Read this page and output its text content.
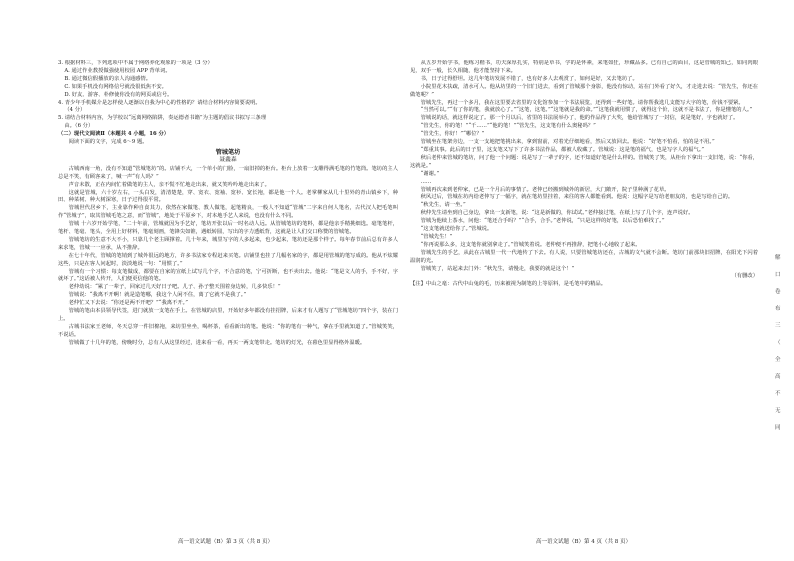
3. 根据材料三，下列选项中不属于网络养化观象的一项是（3 分）

A. 通过作业教授做强使用校园 APP 背单词。

B. 通过微信假播放的亲人沟通感情。

C. 如果手机没有网络信号就没很低焦不安。

D. 好友、游客、朴修使你没有的网页或信号。

4. 青少年手机媒介是怎样使人逐渐以自我为中心的性格的？请结合材料内容简要说明。

（4 分）

5. 请结合材料内容，为学校以“远离网络陷阱，奏运德者书籍”为主题的倡议书拟写三条理

由。（6 分）

（二）现代文阅读Ⅱ（本题共 4 小题，16 分）

阅读下面的文字，完成 6～9 题。

管城笔坊

聂鑫森

古城西南一角，没有不知道“管城笔坊”的。店铺不大，一个单小的门脸，一扇旧掉的柜台。柜台上放着一支雕得满毛笔的竹笔筒。笔坊的主人总是不笑，有顾客来了，喊一声“有人吗？”

声音未散，正在内间忙着做笔的主人，亲不慌不忙地走出来，就又笑吟吟地走出来了。

这就是管城，六十岁左右，一头白发，清清楚楚，穿、宽衣、宽袖、宽衫、宽长袍，都是他一个人。老掌柳家从几十里外的青山镇乡下，种田、种菜树、种大树深寒，日子过得很平常。

管城世代居乡下，主业靠作种自食其力，依然在家做笔、教人做笔，起笔精良，一般人不知道“管城”二字来自何人笔名，古代汉人把毛笔叫作“管城子”，取其管城毛笔之意，而“管城”，地处于平原乡下，对本地手艺人来说，也没有什么不同。

管城 十六岁开始学笔，“二十年前，管城就因为手艺好，笔坊开张以后一时名动人远。从管城笔坊的笔料，都是他亲手精挑细选。毫笔笔杆，笔杆、笔毫、笔头，全用上好材料，笔毫刻画，笔锋尖如锥，遇纸转圆，写出的字力透纸背，这就是让人们交口称赞的管城笔。

管城笔坊的生意不大不小，只靠几个老主顾撑着。几十年来，城里写字的人多起来，也少起来，笔坊还是那个样子。每年春节前后总有许多人来求笔，管城一一应承，从不推辞。

在七十年代，管城的笔销到了城外很远的地方，许多书法家专程赶来买笔。店铺里也挂了几幅名家的字，都是用管城的笔写成的。他从不炫耀这些，只是在客人问起时，淡淡地说一句：“用惯了。”

管城有一个习惯：每支笔做成，都要在自家的宣纸上试写几个字，不合意的笔，宁可折断，也不卖出去。他说：“笔是文人的手，手不好，字就坏了。”这话被人传开，人们便更信他的笔。

老仲幼说：“累了一辈子，回家过几天好日子吧。儿子、孙子整天围着身边转，几多快乐！”

管城说：“我离不开啊！就是造笔哪，我这个人闲不住，离了它就不是我了。”

老仲忙又下去说：“你还是两不开吧？”“我离不开。”

管城的笔由本县领导代签，进门就放一支笔在手上。在管城的店里，开始好多年都没有挂招牌，后来才有人题写了“管城笔坊”四个字，装在门上。

古城书法家王老师，冬天总穿一件旧棉袍，来坊里坐坐，喝杯茶，看看新出的笔。他说：“你的笔有一种气，拿在手里就知道了。”管城笑笑，不说话。

管城做了十几年的笔，傍晚时分，总有人从这里经过，进来看一看，再买一两支笔带走。笔坊的灯光，在暮色里显得格外温暖。

从五岁开始学书，他练习楷书，功夫深厚扎实，特别是草书，学的是怀素，来笔如狂，珍藏品多。已有自己的面目，这是管城的知己，如同肉眼见，双手一般，长久相随，他才能坚持下来。

书，日子过得舒坦。这几年笔坊发展不错了，也有好多人去观赏了，如何是好，又去笔坊了。

小院里花木扶疏，清水可人。他从坊里的一个旧门进去，看到了管城那个身影，他没有惊动，站在门外看了好久，才走进去说：“管先生，你还在做笔呢？”

管城先生，再过一个多月，我在这里要去省里的文化馆参加一个书法展览，还得到一些好笔。请你帮我选几支能写大字的笔，价钱不要紧。

“当然可以。”“有了你的笔，我就放心了。”“这笔，这笔。”“这笔就是我的命。”“这笔我就用惯了，就得这个价，这就不是书法了，你是懂笔的人。”

管城说的话，就这样说定了。那一个月以后，省里的书法展举办了，他的作品得了大奖，他给管城写了一封信，说是笔好，字也就好了。

“管先生，你的笔！”“千……”“他的笔！”“管先生，这支笔有什么奥秘吗？”

“管先生，你好！”“哪位？”

管城坐在笔架旁边，一支一支地把笔挑出来，拿到窗前，对着光仔细地看，然后又放回去。他说：“好笔不怕看，怕的是不用。”

“郑重其事。此后的日子里，这支笔又写下了许多书法作品，都被人收藏了。管城说：这是笔的福气，也是写字人的福气。”

秋后老仲来管城的笔坊，问了他一个问题：说是写了一辈子的字，还不知道好笔是什么样的。管城笑了笑，从柜台下拿出一支旧笔，说：“你看，这就是。”

“谢谢。”

……

管城再次来到老仲家，已是一个月后的事情了。老仲已经搬到城外的新居，大门敞开，院子里种满了花草。

秋风过后，管城在坊内给老仲写了一幅字，就在笔坊里挂着，来往的客人都能看到。他说：这幅字是写给老朋友的，也是写给自己的。

“秋先生，请一坐。”

秋仲先生请坐到自己身边，拿出一支新笔，说：“这是新做的，你试试。”老仲接过笔，在纸上写了几个字，连声说好。

管城为他续上茶水，问他：“笔还合手吗？”“合手，合手。”老仲说，“只是这样的好笔，以后恐怕难找了。”

“这支笔就送给你了。”管城说。

“管城先生！”

“你再说那么多，这支笔你就别拿走了。”管城笑着说。老仲便不再推辞，把笔小心地收了起来。

管城先生的手艺，从此在古城里一代一代地传了下去。有人说，只要管城笔坊还在，古城的文气就不会断。笔坊门前那块旧招牌，在阳光下闪着温润的光。

管城笑了，站起来去门外：“秋先生，请慢走，我要的就是这个！”

（有删改）

【注】中山之毫：古代中山兔的毛，历来被视为制笔的上等原料，是毛笔中的精品。

高一语文试题（B）第 3 页（共 8 页）	高一语文试题（B）第 4 页（共 8 页）
解
口
卷
布
三
（
全
高
不
无
同
